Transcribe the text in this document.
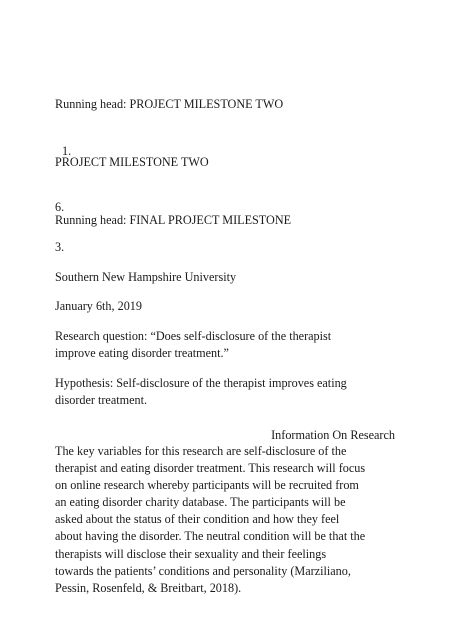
Running head: PROJECT MILESTONE TWO

1.

PROJECT MILESTONE TWO

6.

Running head: FINAL PROJECT MILESTONE

3.

Southern New Hampshire University

January 6th, 2019

Research question: “Does self-disclosure of the therapist
improve eating disorder treatment.”
Hypothesis: Self-disclosure of the therapist improves eating
disorder treatment.

Information On Research

The key variables for this research are self-disclosure of the
therapist and eating disorder treatment. This research will focus
on online research whereby participants will be recruited from
an eating disorder charity database. The participants will be
asked about the status of their condition and how they feel
about having the disorder. The neutral condition will be that the
therapists will disclose their sexuality and their feelings
towards the patients’ conditions and personality (Marziliano,
Pessin, Rosenfeld, & Breitbart, 2018).
